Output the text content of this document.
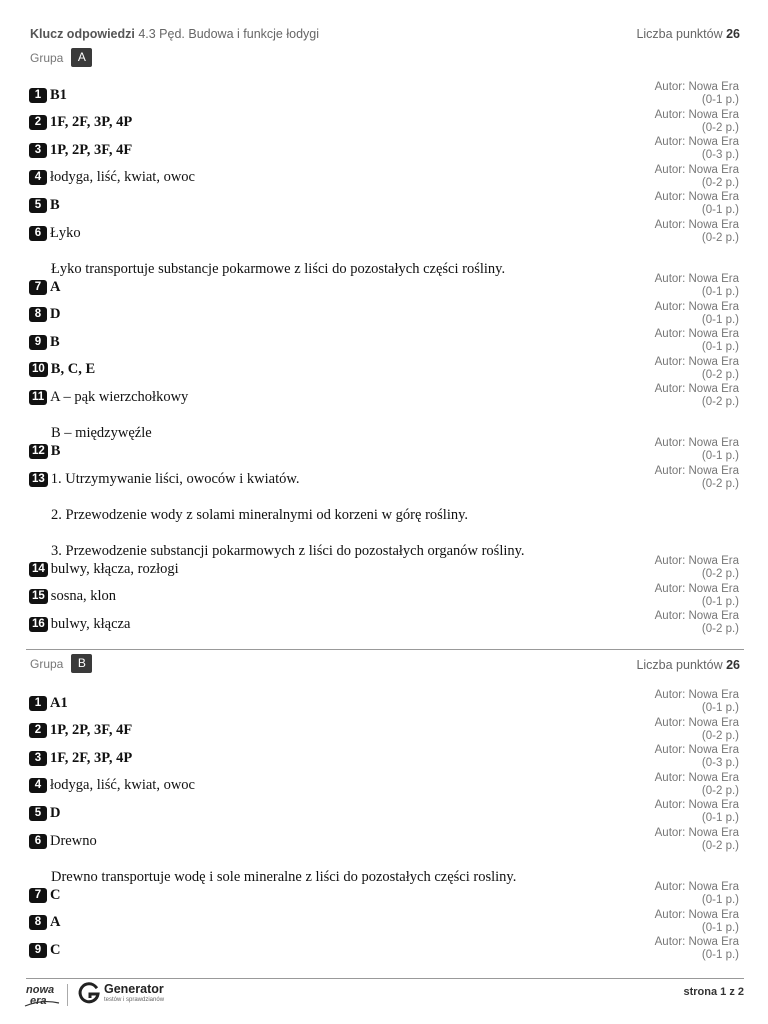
Klucz odpowiedzi 4.3 Pęd. Budowa i funkcje łodygi	Liczba punktów 26
Grupa	A
1 B1	Autor: Nowa Era
(0-1 p.)
2 1F, 2F, 3P, 4P	Autor: Nowa Era
(0-2 p.)
3 1P, 2P, 3F, 4F	Autor: Nowa Era
(0-3 p.)
4 łodyga, liść, kwiat, owoc	Autor: Nowa Era
(0-2 p.)
5 B	Autor: Nowa Era
(0-1 p.)
6 Łyko	Autor: Nowa Era
(0-2 p.)
Łyko transportuje substancje pokarmowe z liści do pozostałych części rośliny.
7 A	Autor: Nowa Era
(0-1 p.)
8 D	Autor: Nowa Era
(0-1 p.)
9 B	Autor: Nowa Era
(0-1 p.)
10 B, C, E	Autor: Nowa Era
(0-2 p.)
11 A – pąk wierzchołkowy	Autor: Nowa Era
(0-2 p.)
B – międzywęźle
12 B	Autor: Nowa Era
(0-1 p.)
13 1. Utrzymywanie liści, owoców i kwiatów.	Autor: Nowa Era
(0-2 p.)
2. Przewodzenie wody z solami mineralnymi od korzeni w górę rośliny.
3. Przewodzenie substancji pokarmowych z liści do pozostałych organów rośliny.
14 bulwy, kłącza, rozłogi	Autor: Nowa Era
(0-2 p.)
15 sosna, klon	Autor: Nowa Era
(0-1 p.)
16 bulwy, kłącza	Autor: Nowa Era
(0-2 p.)
Grupa	B	Liczba punktów 26
1 A1	Autor: Nowa Era
(0-1 p.)
2 1P, 2P, 3F, 4F	Autor: Nowa Era
(0-2 p.)
3 1F, 2F, 3P, 4P	Autor: Nowa Era
(0-3 p.)
4 łodyga, liść, kwiat, owoc	Autor: Nowa Era
(0-2 p.)
5 D	Autor: Nowa Era
(0-1 p.)
6 Drewno	Autor: Nowa Era
(0-2 p.)
Drewno transportuje wodę i sole mineralne z liści do pozostałych części rosliny.
7 C	Autor: Nowa Era
(0-1 p.)
8 A	Autor: Nowa Era
(0-1 p.)
9 C	Autor: Nowa Era
(0-1 p.)
nowa
era
Generator
testów i sprawdzianów
strona 1 z 2
